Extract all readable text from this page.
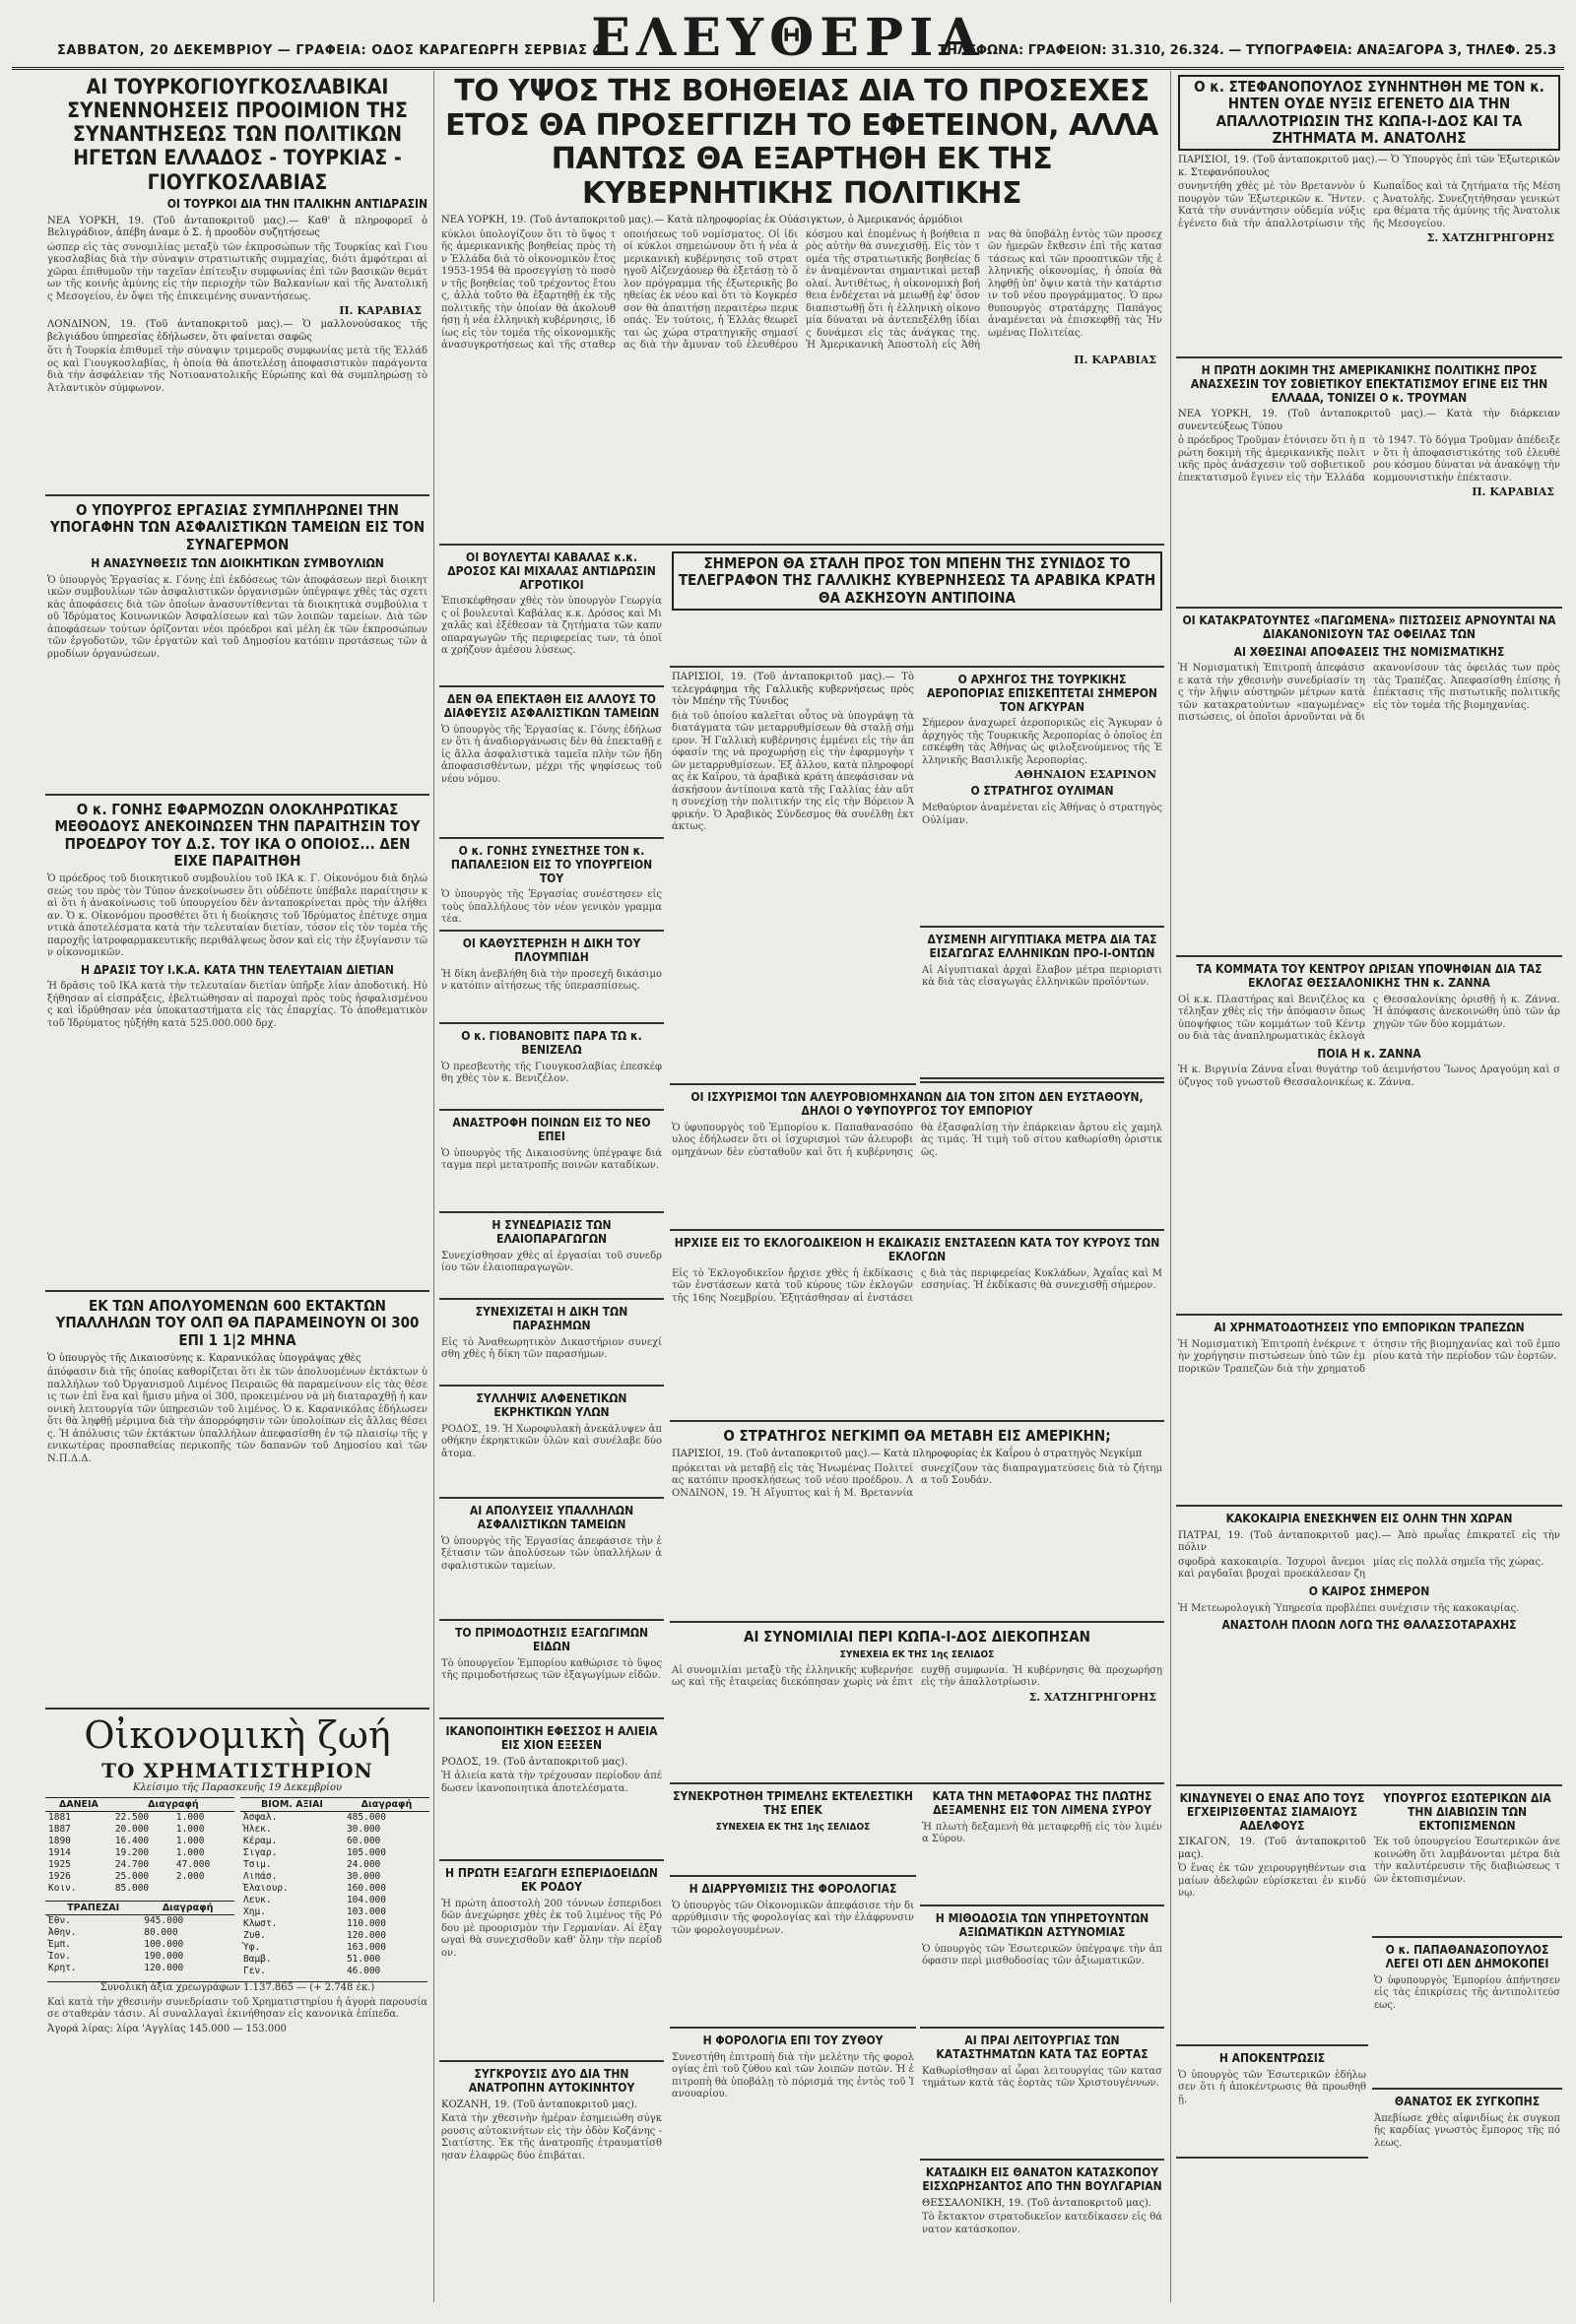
ΣΑΒΒΑΤΟΝ, 20 ΔΕΚΕΜΒΡΙΟΥ — ΓΡΑΦΕΙΑ: ΟΔΟΣ ΚΑΡΑΓΕΩΡΓΗ ΣΕΡΒΙΑΣ 4.
ΕΛΕΥΘΕΡΙΑ
ΤΗΛΕΦΩΝΑ: ΓΡΑΦΕΙΟΝ: 31.310, 26.324. — ΤΥΠΟΓΡΑΦΕΙΑ: ΑΝΑΞΑΓΟΡΑ 3, ΤΗΛΕΦ. 25.3
ΑΙ ΤΟΥΡΚΟΓΙΟΥΓΚΟΣΛΑΒΙΚΑΙ ΣΥΝΕΝΝΟΗΣΕΙΣ ΠΡΟΟΙΜΙΟΝ ΤΗΣ ΣΥΝΑΝΤΗΣΕΩΣ ΤΩΝ ΠΟΛΙΤΙΚΩΝ ΗΓΕΤΩΝ ΕΛΛΑΔΟΣ - ΤΟΥΡΚΙΑΣ - ΓΙΟΥΓΚΟΣΛΑΒΙΑΣ
ΟΙ ΤΟΥΡΚΟΙ ΔΙΑ ΤΗΝ ΙΤΑΛΙΚΗΝ ΑΝΤΙΔΡΑΣΙΝ
ΝΕΑ ΥΟΡΚΗ, 19. (Τοῦ ἀνταποκριτοῦ μας).— Καθ' ἅ πληροφορεῖ ὁ Βελιγράδιον, ἀπέβη ἀναμε ὁ Σ. ἡ προοδὸν συζητήσεως
ώσπερ εἰς τὰς συνομιλίας μεταξὺ τῶν ἐκπροσώπων τῆς Τουρκίας καὶ Γιουγκοσλαβίας διὰ τὴν σύναψιν στρατιωτικῆς συμμαχίας, διότι ἀμφότεραι αἱ χῶραι ἐπιθυμοῦν τὴν ταχεῖαν ἐπίτευξιν συμφωνίας ἐπὶ τῶν βασικῶν θεμάτων τῆς κοινῆς ἀμύνης εἰς τὴν περιοχὴν τῶν Βαλκανίων καὶ τῆς Ἀνατολικῆς Μεσογείου, ἐν ὄψει τῆς ἐπικειμένης συναντήσεως.
Π. ΚΑΡΑΒΙΑΣ
ΛΟΝΔΙΝΟΝ, 19. (Τοῦ ἀνταποκριτοῦ μας).— Ὁ μαλλονούσακος τῆς βελγιάδου ὑπηρεσίας ἐδήλωσεν, ὅτι φαίνεται σαφῶς
ὅτι ἡ Τουρκία ἐπιθυμεῖ τὴν σύναψιν τριμεροῦς συμφωνίας μετὰ τῆς Ἑλλάδος καὶ Γιουγκοσλαβίας, ἡ ὁποία θὰ ἀποτελέσῃ ἀποφασιστικὸν παράγοντα διὰ τὴν ἀσφάλειαν τῆς Νοτιοανατολικῆς Εὐρώπης καὶ θὰ συμπληρώσῃ τὸ Ἀτλαντικὸν σύμφωνον.
Ο ΥΠΟΥΡΓΟΣ ΕΡΓΑΣΙΑΣ ΣΥΜΠΛΗΡΩΝΕΙ ΤΗΝ ΥΠΟΓΑΦΗΝ ΤΩΝ ΑΣΦΑΛΙΣΤΙΚΩΝ ΤΑΜΕΙΩΝ ΕΙΣ ΤΟΝ ΣΥΝΑΓΕΡΜΟΝ
Η ΑΝΑΣΥΝΘΕΣΙΣ ΤΩΝ ΔΙΟΙΚΗΤΙΚΩΝ ΣΥΜΒΟΥΛΙΩΝ
Ὁ ὑπουργὸς Ἐργασίας κ. Γόνης ἐπὶ ἐκδόσεως τῶν ἀποφάσεων περὶ διοικητικῶν συμβουλίων τῶν ἀσφαλιστικῶν ὀργανισμῶν ὑπέγραψε χθὲς τὰς σχετικὰς ἀποφάσεις διὰ τῶν ὁποίων ἀνασυντίθενται τὰ διοικητικὰ συμβούλια τοῦ Ἱδρύματος Κοινωνικῶν Ἀσφαλίσεων καὶ τῶν λοιπῶν ταμείων. Διὰ τῶν ἀποφάσεων τούτων ὁρίζονται νέοι πρόεδροι καὶ μέλη ἐκ τῶν ἐκπροσώπων τῶν ἐργοδοτῶν, τῶν ἐργατῶν καὶ τοῦ Δημοσίου κατόπιν προτάσεως τῶν ἀρμοδίων ὀργανώσεων.
Ο κ. ΓΟΝΗΣ ΕΦΑΡΜΟΖΩΝ ΟΛΟΚΛΗΡΩΤΙΚΑΣ ΜΕΘΟΔΟΥΣ ΑΝΕΚΟΙΝΩΣΕΝ ΤΗΝ ΠΑΡΑΙΤΗΣΙΝ ΤΟΥ ΠΡΟΕΔΡΟΥ ΤΟΥ Δ.Σ. ΤΟΥ ΙΚΑ Ο ΟΠΟΙΟΣ... ΔΕΝ ΕΙΧΕ ΠΑΡΑΙΤΗΘΗ
Ὁ πρόεδρος τοῦ διοικητικοῦ συμβουλίου τοῦ ΙΚΑ κ. Γ. Οἰκονόμου διὰ δηλώσεώς του πρὸς τὸν Τύπον ἀνεκοίνωσεν ὅτι οὐδέποτε ὑπέβαλε παραίτησιν καὶ ὅτι ἡ ἀνακοίνωσις τοῦ ὑπουργείου δὲν ἀνταποκρίνεται πρὸς τὴν ἀλήθειαν. Ὁ κ. Οἰκονόμου προσθέτει ὅτι ἡ διοίκησις τοῦ Ἱδρύματος ἐπέτυχε σημαντικὰ ἀποτελέσματα κατὰ τὴν τελευταίαν διετίαν, τόσον εἰς τὸν τομέα τῆς παροχῆς ἰατροφαρμακευτικῆς περιθάλψεως ὅσον καὶ εἰς τὴν ἐξυγίανσιν τῶν οἰκονομικῶν.
Η ΔΡΑΣΙΣ ΤΟΥ Ι.Κ.Α. ΚΑΤΑ ΤΗΝ ΤΕΛΕΥΤΑΙΑΝ ΔΙΕΤΙΑΝ
Ἡ δρᾶσις τοῦ ΙΚΑ κατὰ τὴν τελευταίαν διετίαν ὑπῆρξε λίαν ἀποδοτική. Ηὐξήθησαν αἱ εἰσπράξεις, ἐβελτιώθησαν αἱ παροχαὶ πρὸς τοὺς ἠσφαλισμένους καὶ ἱδρύθησαν νέα ὑποκαταστήματα εἰς τὰς ἐπαρχίας. Τὸ ἀποθεματικὸν τοῦ Ἱδρύματος ηὐξήθη κατὰ 525.000.000 δρχ.
ΕΚ ΤΩΝ ΑΠΟΛΥΟΜΕΝΩΝ 600 ΕΚΤΑΚΤΩΝ ΥΠΑΛΛΗΛΩΝ ΤΟΥ ΟΛΠ ΘΑ ΠΑΡΑΜΕΙΝΟΥΝ ΟΙ 300 ΕΠΙ 1 1|2 ΜΗΝΑ
Ὁ ὑπουργὸς τῆς Δικαιοσύνης κ. Καρανικόλας ὑπογράψας χθὲς
ἀπόφασιν διὰ τῆς ὁποίας καθορίζεται ὅτι ἐκ τῶν ἀπολυομένων ἐκτάκτων ὑπαλλήλων τοῦ Ὀργανισμοῦ Λιμένος Πειραιῶς θὰ παραμείνουν εἰς τὰς θέσεις των ἐπὶ ἕνα καὶ ἥμισυ μῆνα οἱ 300, προκειμένου νὰ μὴ διαταραχθῇ ἡ κανονικὴ λειτουργία τῶν ὑπηρεσιῶν τοῦ λιμένος. Ὁ κ. Καρανικόλας ἐδήλωσεν ὅτι θὰ ληφθῇ μέριμνα διὰ τὴν ἀπορρόφησιν τῶν ὑπολοίπων εἰς ἄλλας θέσεις. Ἡ ἀπόλυσις τῶν ἐκτάκτων ὑπαλλήλων ἀπεφασίσθη ἐν τῷ πλαισίῳ τῆς γενικωτέρας προσπαθείας περικοπῆς τῶν δαπανῶν τοῦ Δημοσίου καὶ τῶν Ν.Π.Δ.Δ.
Οἰκονομικὴ ζωή
ΤΟ ΧΡΗΜΑΤΙΣΤΗΡΙΟΝ
Κλείσιμο τῆς Παρασκευῆς 19 Δεκεμβρίου
ΔΑΝΕΙΑ	Διαγραφή	
1881	22.500	1.000
1887	20.000	1.000
1890	16.400	1.000
1914	19.200	1.000
1925	24.700	47.000
1926	25.000	2.000
Κοιν.	85.000	
ΤΡΑΠΕΖΑΙ	Διαγραφή
Ἐθν.	945.000
Ἀθην.	80.000
Ἐμπ.	100.000
Ἰον.	190.000
Κρητ.	120.000
ΒΙΟΜ. ΑΞΙΑΙ	Διαγραφή
Ἀσφαλ.	485.000
Ἠλεκ.	30.000
Κέραμ.	60.000
Σιγαρ.	105.000
Τσιμ.	24.000
Λιπάσ.	30.000
Ἐλαιουρ.	160.000
Λευκ.	104.000
Χημ.	103.000
Κλωστ.	110.000
Ζυθ.	120.000
Ὑφ.	163.000
Βαμβ.	51.000
Γεν.	46.000
Συνολικὴ ἀξία χρεωγράφων 1.137.865 — (+ 2.748 ἐκ.)
Καὶ κατὰ τὴν χθεσινὴν συνεδρίασιν τοῦ Χρηματιστηρίου ἡ ἀγορὰ παρουσίασε σταθερὰν τάσιν. Αἱ συναλλαγαὶ ἐκινήθησαν εἰς κανονικὰ ἐπίπεδα.
Ἀγορά λίρας: λίρα 'Αγγλίας 145.000 — 153.000
ΤΟ ΥΨΟΣ ΤΗΣ ΒΟΗΘΕΙΑΣ ΔΙΑ ΤΟ ΠΡΟΣΕΧΕΣ ΕΤΟΣ ΘΑ ΠΡΟΣΕΓΓΙΖΗ ΤΟ ΕΦΕΤΕΙΝΟΝ, ΑΛΛΑ ΠΑΝΤΩΣ ΘΑ ΕΞΑΡΤΗΘΗ ΕΚ ΤΗΣ ΚΥΒΕΡΝΗΤΙΚΗΣ ΠΟΛΙΤΙΚΗΣ
ΝΕΑ ΥΟΡΚΗ, 19. (Τοῦ ἀνταποκριτοῦ μας).— Κατὰ πληροφορίας ἐκ Οὐάσιγκτων, ὁ Ἀμερικανός ἀρμόδιοι
κύκλοι ὑπολογίζουν ὅτι τὸ ὕψος τῆς ἀμερικανικῆς βοηθείας πρὸς τὴν Ἑλλάδα διὰ τὸ οἰκονομικὸν ἔτος 1953-1954 θὰ προσεγγίσῃ τὸ ποσὸν τῆς βοηθείας τοῦ τρέχοντος ἔτους, ἀλλὰ τοῦτο θὰ ἐξαρτηθῇ ἐκ τῆς πολιτικῆς τὴν ὁποίαν θὰ ἀκολουθήσῃ ἡ νέα ἑλληνικὴ κυβέρνησις, ἰδίως εἰς τὸν τομέα τῆς οἰκονομικῆς ἀνασυγκροτήσεως καὶ τῆς σταθεροποιήσεως τοῦ νομίσματος. Οἱ ἰδιοί κύκλοι σημειώνουν ὅτι ἡ νέα ἀμερικανικὴ κυβέρνησις τοῦ στρατηγοῦ Αἰζενχάουερ θὰ ἐξετάσῃ τὸ ὅλον πρόγραμμα τῆς ἐξωτερικῆς βοηθείας ἐκ νέου καὶ ὅτι τὸ Κογκρέσσον θὰ ἀπαιτήσῃ περαιτέρω περικοπάς. Ἐν τούτοις, ἡ Ἑλλὰς θεωρεῖται ὡς χώρα στρατηγικῆς σημασίας διὰ τὴν ἄμυναν τοῦ ἐλευθέρου κόσμου καὶ ἑπομένως ἡ βοήθεια πρὸς αὐτὴν θὰ συνεχισθῇ. Εἰς τὸν τομέα τῆς στρατιωτικῆς βοηθείας δὲν ἀναμένονται σημαντικαὶ μεταβολαί. Ἀντιθέτως, ἡ οἰκονομικὴ βοήθεια ἐνδέχεται νὰ μειωθῇ ἐφ' ὅσον διαπιστωθῇ ὅτι ἡ ἑλληνικὴ οἰκονομία δύναται νὰ ἀντεπεξέλθῃ ἰδίαις δυνάμεσι εἰς τὰς ἀνάγκας της. Ἡ Ἀμερικανικὴ Ἀποστολὴ εἰς Ἀθήνας θὰ ὑποβάλῃ ἐντὸς τῶν προσεχῶν ἡμερῶν ἔκθεσιν ἐπὶ τῆς καταστάσεως καὶ τῶν προοπτικῶν τῆς ἑλληνικῆς οἰκονομίας, ἡ ὁποία θὰ ληφθῇ ὑπ' ὄψιν κατὰ τὴν κατάρτισιν τοῦ νέου προγράμματος. Ὁ πρωθυπουργὸς στρατάρχης Παπάγος ἀναμένεται νὰ ἐπισκεφθῇ τὰς Ἡνωμένας Πολιτείας.
Π. ΚΑΡΑΒΙΑΣ
ΟΙ ΒΟΥΛΕΥΤΑΙ ΚΑΒΑΛΑΣ κ.κ. ΔΡΟΣΟΣ ΚΑΙ ΜΙΧΑΛΑΣ ΑΝΤΙΔΡΩΣΙΝ ΑΓΡΟΤΙΚΟΙ
Ἐπισκέφθησαν χθὲς τὸν ὑπουργὸν Γεωργίας οἱ βουλευταὶ Καβάλας κ.κ. Δρόσος καὶ Μιχαλᾶς καὶ ἐξέθεσαν τὰ ζητήματα τῶν καπνοπαραγωγῶν τῆς περιφερείας των, τὰ ὁποῖα χρήζουν ἀμέσου λύσεως.
ΔΕΝ ΘΑ ΕΠΕΚΤΑΘΗ ΕΙΣ ΑΛΛΟΥΣ ΤΟ ΔΙΑΦΕΥΣΙΣ ΑΣΦΑΛΙΣΤΙΚΩΝ ΤΑΜΕΙΩΝ
Ὁ ὑπουργὸς τῆς Ἐργασίας κ. Γόνης ἐδήλωσεν ὅτι ἡ ἀναδιοργάνωσις δὲν θὰ ἐπεκταθῇ εἰς ἄλλα ἀσφαλιστικὰ ταμεῖα πλὴν τῶν ἤδη ἀποφασισθέντων, μέχρι τῆς ψηφίσεως τοῦ νέου νόμου.
Ο κ. ΓΟΝΗΣ ΣΥΝΕΣΤΗΣΕ ΤΟΝ κ. ΠΑΠΑΛΕΞΙΟΝ ΕΙΣ ΤΟ ΥΠΟΥΡΓΕΙΟΝ ΤΟΥ
Ὁ ὑπουργὸς τῆς Ἐργασίας συνέστησεν εἰς τοὺς ὑπαλλήλους τὸν νέον γενικὸν γραμματέα.
ΟΙ ΚΑΘΥΣΤΕΡΗΣΗ Η ΔΙΚΗ ΤΟΥ ΠΛΟΥΜΠΙΔΗ
Ἡ δίκη ἀνεβλήθη διὰ τὴν προσεχῆ δικάσιμον κατόπιν αἰτήσεως τῆς ὑπερασπίσεως.
Ο κ. ΓΙΟΒΑΝΟΒΙΤΣ ΠΑΡΑ ΤΩ κ. ΒΕΝΙΖΕΛΩ
Ὁ πρεσβευτὴς τῆς Γιουγκοσλαβίας ἐπεσκέφθη χθὲς τὸν κ. Βενιζέλον.
ΑΝΑΣΤΡΟΦΗ ΠΟΙΝΩΝ ΕΙΣ ΤΟ ΝΕΟ ΕΠΕΙ
Ὁ ὑπουργὸς τῆς Δικαιοσύνης ὑπέγραψε διάταγμα περὶ μετατροπῆς ποινῶν καταδίκων.
Η ΣΥΝΕΔΡΙΑΣΙΣ ΤΩΝ ΕΛΑΙΟΠΑΡΑΓΩΓΩΝ
Συνεχίσθησαν χθὲς αἱ ἐργασίαι τοῦ συνεδρίου τῶν ἐλαιοπαραγωγῶν.
ΣΥΝΕΧΙΖΕΤΑΙ Η ΔΙΚΗ ΤΩΝ ΠΑΡΑΣΗΜΩΝ
Εἰς τὸ Ἀναθεωρητικὸν Δικαστήριον συνεχίσθη χθὲς ἡ δίκη τῶν παρασήμων.
ΣΥΛΛΗΨΙΣ ΑΛΦΕΝΕΤΙΚΩΝ ΕΚΡΗΚΤΙΚΩΝ ΥΛΩΝ
ΡΟΔΟΣ, 19. Ἡ Χωροφυλακὴ ἀνεκάλυψεν ἀποθήκην ἐκρηκτικῶν ὑλῶν καὶ συνέλαβε δύο ἄτομα.
ΑΙ ΑΠΟΛΥΣΕΙΣ ΥΠΑΛΛΗΛΩΝ ΑΣΦΑΛΙΣΤΙΚΩΝ ΤΑΜΕΙΩΝ
Ὁ ὑπουργὸς τῆς Ἐργασίας ἀπεφάσισε τὴν ἐξέτασιν τῶν ἀπολύσεων τῶν ὑπαλλήλων ἀσφαλιστικῶν ταμείων.
ΤΟ ΠΡΙΜΟΔΟΤΗΣΙΣ ΕΞΑΓΩΓΙΜΩΝ ΕΙΔΩΝ
Τὸ ὑπουργεῖον Ἐμπορίου καθώρισε τὸ ὕψος τῆς πριμοδοτήσεως τῶν ἐξαγωγίμων εἰδῶν.
ΙΚΑΝΟΠΟΙΗΤΙΚΗ ΕΦΕΣΣΟΣ Η ΑΛΙΕΙΑ ΕΙΣ ΧΙΟΝ ΕΞΕΣΕΝ
ΡΟΔΟΣ, 19. (Τοῦ ἀνταποκριτοῦ μας).
Ἡ ἁλιεία κατὰ τὴν τρέχουσαν περίοδον ἀπέδωσεν ἱκανοποιητικὰ ἀποτελέσματα.
Η ΠΡΩΤΗ ΕΞΑΓΩΓΗ ΕΣΠΕΡΙΔΟΕΙΔΩΝ ΕΚ ΡΟΔΟΥ
Ἡ πρώτη ἀποστολὴ 200 τόννων ἐσπεριδοειδῶν ἀνεχώρησε χθὲς ἐκ τοῦ λιμένος τῆς Ρόδου μὲ προορισμὸν τὴν Γερμανίαν. Αἱ ἐξαγωγαὶ θὰ συνεχισθοῦν καθ' ὅλην τὴν περίοδον.
ΣΥΓΚΡΟΥΣΙΣ ΔΥΟ ΔΙΑ ΤΗΝ ΑΝΑΤΡΟΠΗΝ ΑΥΤΟΚΙΝΗΤΟΥ
ΚΟΖΑΝΗ, 19. (Τοῦ ἀνταποκριτοῦ μας).
Κατὰ τὴν χθεσινὴν ἡμέραν ἐσημειώθη σύγκρουσις αὐτοκινήτων εἰς τὴν ὁδὸν Κοζάνης - Σιατίστης. Ἐκ τῆς ἀνατροπῆς ἐτραυματίσθησαν ἐλαφρῶς δύο ἐπιβάται.
ΣΗΜΕΡΟΝ ΘΑ ΣΤΑΛΗ ΠΡΟΣ ΤΟΝ ΜΠΕΗΝ ΤΗΣ ΣΥΝΙΔΟΣ ΤΟ ΤΕΛΕΓΡΑΦΟΝ ΤΗΣ ΓΑΛΛΙΚΗΣ ΚΥΒΕΡΝΗΣΕΩΣ ΤΑ ΑΡΑΒΙΚΑ ΚΡΑΤΗ ΘΑ ΑΣΚΗΣΟΥΝ ΑΝΤΙΠΟΙΝΑ
ΠΑΡΙΣΙΟΙ, 19. (Τοῦ ἀνταποκριτοῦ μας).— Τὸ τελεγράφημα τῆς Γαλλικῆς κυβερνήσεως πρὸς τὸν Μπέην τῆς Τύνιδος
διὰ τοῦ ὁποίου καλεῖται οὗτος νὰ ὑπογράψῃ τὰ διατάγματα τῶν μεταρρυθμίσεων θὰ σταλῇ σήμερον. Ἡ Γαλλικὴ κυβέρνησις ἐμμένει εἰς τὴν ἀπόφασίν της νὰ προχωρήσῃ εἰς τὴν ἐφαρμογὴν τῶν μεταρρυθμίσεων. Ἐξ ἄλλου, κατὰ πληροφορίας ἐκ Καΐρου, τὰ ἀραβικὰ κράτη ἀπεφάσισαν νὰ ἀσκήσουν ἀντίποινα κατὰ τῆς Γαλλίας ἐὰν αὕτη συνεχίσῃ τὴν πολιτικήν της εἰς τὴν Βόρειον Ἀφρικήν. Ὁ Ἀραβικὸς Σύνδεσμος θὰ συνέλθῃ ἐκτάκτως.
Ο ΑΡΧΗΓΟΣ ΤΗΣ ΤΟΥΡΚΙΚΗΣ ΑΕΡΟΠΟΡΙΑΣ ΕΠΙΣΚΕΠΤΕΤΑΙ ΣΗΜΕΡΟΝ ΤΟΝ ΑΓΚΥΡΑΝ
Σήμερον ἀναχωρεῖ ἀεροπορικῶς εἰς Ἄγκυραν ὁ ἀρχηγὸς τῆς Τουρκικῆς Ἀεροπορίας ὁ ὁποῖος ἐπεσκέφθη τὰς Ἀθήνας ὡς φιλοξενούμενος τῆς Ἑλληνικῆς Βασιλικῆς Ἀεροπορίας.
ΑΘΗΝΑΙΟΝ ΕΣΑΡΙΝΟΝ
Ο ΣΤΡΑΤΗΓΟΣ ΟΥΛΙΜΑΝ
Μεθαύριον ἀναμένεται εἰς Ἀθήνας ὁ στρατηγὸς Οὐλίμαν.
ΔΥΣΜΕΝΗ ΑΙΓΥΠΤΙΑΚΑ ΜΕΤΡΑ ΔΙΑ ΤΑΣ ΕΙΣΑΓΩΓΑΣ ΕΛΛΗΝΙΚΩΝ ΠΡΟ-Ι-ΟΝΤΩΝ
Αἱ Αἰγυπτιακαὶ ἀρχαὶ ἔλαβον μέτρα περιοριστικὰ διὰ τὰς εἰσαγωγὰς ἑλληνικῶν προϊόντων.
ΟΙ ΙΣΧΥΡΙΣΜΟΙ ΤΩΝ ΑΛΕΥΡΟΒΙΟΜΗΧΑΝΩΝ ΔΙΑ ΤΟΝ ΣΙΤΟΝ ΔΕΝ ΕΥΣΤΑΘΟΥΝ, ΔΗΛΟΙ Ο ΥΦΥΠΟΥΡΓΟΣ ΤΟΥ ΕΜΠΟΡΙΟΥ
Ὁ ὑφυπουργὸς τοῦ Ἐμπορίου κ. Παπαθανασόπουλος ἐδήλωσεν ὅτι οἱ ἰσχυρισμοὶ τῶν ἀλευροβιομηχάνων δὲν εὐσταθοῦν καὶ ὅτι ἡ κυβέρνησις θὰ ἐξασφαλίσῃ τὴν ἐπάρκειαν ἄρτου εἰς χαμηλὰς τιμάς. Ἡ τιμὴ τοῦ σίτου καθωρίσθη ὁριστικῶς.
ΗΡΧΙΣΕ ΕΙΣ ΤΟ ΕΚΛΟΓΟΔΙΚΕΙΟΝ Η ΕΚΔΙΚΑΣΙΣ ΕΝΣΤΑΣΕΩΝ ΚΑΤΑ ΤΟΥ ΚΥΡΟΥΣ ΤΩΝ ΕΚΛΟΓΩΝ
Εἰς τὸ Ἐκλογοδικεῖον ἤρχισε χθὲς ἡ ἐκδίκασις τῶν ἐνστάσεων κατὰ τοῦ κύρους τῶν ἐκλογῶν τῆς 16ης Νοεμβρίου. Ἐξητάσθησαν αἱ ἐνστάσεις διὰ τὰς περιφερείας Κυκλάδων, Ἀχαΐας καὶ Μεσσηνίας. Ἡ ἐκδίκασις θὰ συνεχισθῇ σήμερον.
Ο ΣΤΡΑΤΗΓΟΣ ΝΕΓΚΙΜΠ ΘΑ ΜΕΤΑΒΗ ΕΙΣ ΑΜΕΡΙΚΗΝ;
ΠΑΡΙΣΙΟΙ, 19. (Τοῦ ἀνταποκριτοῦ μας).— Κατὰ πληροφορίας ἐκ Καΐρου ὁ στρατηγὸς Νεγκίμπ
πρόκειται νὰ μεταβῇ εἰς τὰς Ἡνωμένας Πολιτείας κατόπιν προσκλήσεως τοῦ νέου προέδρου. ΛΟΝΔΙΝΟΝ, 19. Ἡ Αἴγυπτος καὶ ἡ Μ. Βρεταννία συνεχίζουν τὰς διαπραγματεύσεις διὰ τὸ ζήτημα τοῦ Σουδάν.
ΑΙ ΣΥΝΟΜΙΛΙΑΙ ΠΕΡΙ ΚΩΠΑ-Ι-ΔΟΣ ΔΙΕΚΟΠΗΣΑΝ
ΣΥΝΕΧΕΙΑ ΕΚ ΤΗΣ 1ης ΣΕΛΙΔΟΣ
Αἱ συνομιλίαι μεταξὺ τῆς ἑλληνικῆς κυβερνήσεως καὶ τῆς ἑταιρείας διεκόπησαν χωρὶς νὰ ἐπιτευχθῇ συμφωνία. Ἡ κυβέρνησις θὰ προχωρήσῃ εἰς τὴν ἀπαλλοτρίωσιν.
Σ. ΧΑΤΖΗΓΡΗΓΟΡΗΣ
ΣΥΝΕΚΡΟΤΗΘΗ ΤΡΙΜΕΛΗΣ ΕΚΤΕΛΕΣΤΙΚΗ ΤΗΣ ΕΠΕΚ
ΣΥΝΕΧΕΙΑ ΕΚ ΤΗΣ 1ης ΣΕΛΙΔΟΣ
Η ΔΙΑΡΡΥΘΜΙΣΙΣ ΤΗΣ ΦΟΡΟΛΟΓΙΑΣ
Ὁ ὑπουργὸς τῶν Οἰκονομικῶν ἀπεφάσισε τὴν διαρρύθμισιν τῆς φορολογίας καὶ τὴν ἐλάφρυνσιν τῶν φορολογουμένων.
Η ΦΟΡΟΛΟΓΙΑ ΕΠΙ ΤΟΥ ΖΥΘΟΥ
Συνεστήθη ἐπιτροπὴ διὰ τὴν μελέτην τῆς φορολογίας ἐπὶ τοῦ ζύθου καὶ τῶν λοιπῶν ποτῶν. Ἡ ἐπιτροπὴ θὰ ὑποβάλῃ τὸ πόρισμά της ἐντὸς τοῦ Ἰανουαρίου.
ΚΑΤΑ ΤΗΝ ΜΕΤΑΦΟΡΑΣ ΤΗΣ ΠΛΩΤΗΣ ΔΕΞΑΜΕΝΗΣ ΕΙΣ ΤΟΝ ΛΙΜΕΝΑ ΣΥΡΟΥ
Ἡ πλωτὴ δεξαμενὴ θὰ μεταφερθῇ εἰς τὸν λιμένα Σύρου.
Η ΜΙΘΟΔΟΣΙΑ ΤΩΝ ΥΠΗΡΕΤΟΥΝΤΩΝ ΑΞΙΩΜΑΤΙΚΩΝ ΑΣΤΥΝΟΜΙΑΣ
Ὁ ὑπουργὸς τῶν Ἐσωτερικῶν ὑπέγραψε τὴν ἀπόφασιν περὶ μισθοδοσίας τῶν ἀξιωματικῶν.
ΑΙ ΠΡΑΙ ΛΕΙΤΟΥΡΓΙΑΣ ΤΩΝ ΚΑΤΑΣΤΗΜΑΤΩΝ ΚΑΤΑ ΤΑΣ ΕΟΡΤΑΣ
Καθωρίσθησαν αἱ ὧραι λειτουργίας τῶν καταστημάτων κατὰ τὰς ἑορτὰς τῶν Χριστουγέννων.
ΚΑΤΑΔΙΚΗ ΕΙΣ ΘΑΝΑΤΟΝ ΚΑΤΑΣΚΟΠΟΥ ΕΙΣΧΩΡΗΣΑΝΤΟΣ ΑΠΟ ΤΗΝ ΒΟΥΛΓΑΡΙΑΝ
ΘΕΣΣΑΛΟΝΙΚΗ, 19. (Τοῦ ἀνταποκριτοῦ μας).
Τὸ ἔκτακτον στρατοδικεῖον κατεδίκασεν εἰς θάνατον κατάσκοπον.
Ο κ. ΣΤΕΦΑΝΟΠΟΥΛΟΣ ΣΥΝΗΝΤΗΘΗ ΜΕ ΤΟΝ κ. ΗΝΤΕΝ ΟΥΔΕ ΝΥΞΙΣ ΕΓΕΝΕΤΟ ΔΙΑ ΤΗΝ ΑΠΑΛΛΟΤΡΙΩΣΙΝ ΤΗΣ ΚΩΠΑ-Ι-ΔΟΣ ΚΑΙ ΤΑ ΖΗΤΗΜΑΤΑ Μ. ΑΝΑΤΟΛΗΣ
ΠΑΡΙΣΙΟΙ, 19. (Τοῦ ἀνταποκριτοῦ μας).— Ὁ Ὑπουργὸς ἐπὶ τῶν Ἐξωτερικῶν κ. Στεφανόπουλος
συνηντήθη χθὲς μὲ τὸν Βρεταννὸν ὑπουργὸν τῶν Ἐξωτερικῶν κ. Ἤντεν. Κατὰ τὴν συνάντησιν οὐδεμία νύξις ἐγένετο διὰ τὴν ἀπαλλοτρίωσιν τῆς Κωπαΐδος καὶ τὰ ζητήματα τῆς Μέσης Ἀνατολῆς. Συνεζητήθησαν γενικώτερα θέματα τῆς ἀμύνης τῆς Ἀνατολικῆς Μεσογείου.
Σ. ΧΑΤΖΗΓΡΗΓΟΡΗΣ
Η ΠΡΩΤΗ ΔΟΚΙΜΗ ΤΗΣ ΑΜΕΡΙΚΑΝΙΚΗΣ ΠΟΛΙΤΙΚΗΣ ΠΡΟΣ ΑΝΑΣΧΕΣΙΝ ΤΟΥ ΣΟΒΙΕΤΙΚΟΥ ΕΠΕΚΤΑΤΙΣΜΟΥ ΕΓΙΝΕ ΕΙΣ ΤΗΝ ΕΛΛΑΔΑ, ΤΟΝΙΖΕΙ Ο κ. ΤΡΟΥΜΑΝ
ΝΕΑ ΥΟΡΚΗ, 19. (Τοῦ ἀνταποκριτοῦ μας).— Κατὰ τὴν διάρκειαν συνεντεύξεως Τύπου
ὁ πρόεδρος Τροῦμαν ἐτόνισεν ὅτι ἡ πρώτη δοκιμὴ τῆς ἀμερικανικῆς πολιτικῆς πρὸς ἀνάσχεσιν τοῦ σοβιετικοῦ ἐπεκτατισμοῦ ἔγινεν εἰς τὴν Ἑλλάδα τὸ 1947. Τὸ δόγμα Τροῦμαν ἀπέδειξεν ὅτι ἡ ἀποφασιστικότης τοῦ ἐλευθέρου κόσμου δύναται νὰ ἀνακόψῃ τὴν κομμουνιστικὴν ἐπέκτασιν.
Π. ΚΑΡΑΒΙΑΣ
ΟΙ ΚΑΤΑΚΡΑΤΟΥΝΤΕΣ «ΠΑΓΩΜΕΝΑ» ΠΙΣΤΩΣΕΙΣ ΑΡΝΟΥΝΤΑΙ ΝΑ ΔΙΑΚΑΝΟΝΙΣΟΥΝ ΤΑΣ ΟΦΕΙΛΑΣ ΤΩΝ
ΑΙ ΧΘΕΣΙΝΑΙ ΑΠΟΦΑΣΕΙΣ ΤΗΣ ΝΟΜΙΣΜΑΤΙΚΗΣ
Ἡ Νομισματικὴ Ἐπιτροπὴ ἀπεφάσισε κατὰ τὴν χθεσινὴν συνεδρίασίν της τὴν λῆψιν αὐστηρῶν μέτρων κατὰ τῶν κατακρατούντων «παγωμένας» πιστώσεις, οἱ ὁποῖοι ἀρνοῦνται νὰ διακανονίσουν τὰς ὀφειλάς των πρὸς τὰς Τραπέζας. Ἀπεφασίσθη ἐπίσης ἡ ἐπέκτασις τῆς πιστωτικῆς πολιτικῆς εἰς τὸν τομέα τῆς βιομηχανίας.
ΤΑ ΚΟΜΜΑΤΑ ΤΟΥ ΚΕΝΤΡΟΥ ΩΡΙΣΑΝ ΥΠΟΨΗΦΙΑΝ ΔΙΑ ΤΑΣ ΕΚΛΟΓΑΣ ΘΕΣΣΑΛΟΝΙΚΗΣ ΤΗΝ κ. ΖΑΝΝΑ
Οἱ κ.κ. Πλαστήρας καὶ Βενιζέλος κατέληξαν χθὲς εἰς τὴν ἀπόφασιν ὅπως ὑποψήφιος τῶν κομμάτων τοῦ Κέντρου διὰ τὰς ἀναπληρωματικὰς ἐκλογὰς Θεσσαλονίκης ὁρισθῇ ἡ κ. Ζάννα. Ἡ ἀπόφασις ἀνεκοινώθη ὑπὸ τῶν ἀρχηγῶν τῶν δύο κομμάτων.
ΠΟΙΑ Η κ. ΖΑΝΝΑ
Ἡ κ. Βιργινία Ζάννα εἶναι θυγάτηρ τοῦ ἀειμνήστου Ἴωνος Δραγούμη καὶ σύζυγος τοῦ γνωστοῦ Θεσσαλονικέως κ. Ζάννα.
ΑΙ ΧΡΗΜΑΤΟΔΟΤΗΣΕΙΣ ΥΠΟ ΕΜΠΟΡΙΚΩΝ ΤΡΑΠΕΖΩΝ
Ἡ Νομισματικὴ Ἐπιτροπὴ ἐνέκρινε τὴν χορήγησιν πιστώσεων ὑπὸ τῶν ἐμπορικῶν Τραπεζῶν διὰ τὴν χρηματοδότησιν τῆς βιομηχανίας καὶ τοῦ ἐμπορίου κατὰ τὴν περίοδον τῶν ἑορτῶν.
ΚΑΚΟΚΑΙΡΙΑ ΕΝΕΣΚΗΨΕΝ ΕΙΣ ΟΛΗΝ ΤΗΝ ΧΩΡΑΝ
ΠΑΤΡΑΙ, 19. (Τοῦ ἀνταποκριτοῦ μας).— Ἀπὸ πρωΐας ἐπικρατεῖ εἰς τὴν πόλιν
σφοδρὰ κακοκαιρία. Ἰσχυροὶ ἄνεμοι καὶ ραγδαῖαι βροχαὶ προεκάλεσαν ζημίας εἰς πολλὰ σημεῖα τῆς χώρας.
Ο ΚΑΙΡΟΣ ΣΗΜΕΡΟΝ
Ἡ Μετεωρολογικὴ Ὑπηρεσία προβλέπει συνέχισιν τῆς κακοκαιρίας.
ΑΝΑΣΤΟΛΗ ΠΛΟΩΝ ΛΟΓΩ ΤΗΣ ΘΑΛΑΣΣΟΤΑΡΑΧΗΣ
ΚΙΝΔΥΝΕΥΕΙ Ο ΕΝΑΣ ΑΠΟ ΤΟΥΣ ΕΓΧΕΙΡΙΣΘΕΝΤΑΣ ΣΙΑΜΑΙΟΥΣ ΑΔΕΛΦΟΥΣ
ΣΙΚΑΓΟΝ, 19. (Τοῦ ἀνταποκριτοῦ μας).
Ὁ ἕνας ἐκ τῶν χειρουργηθέντων σιαμαίων ἀδελφῶν εὑρίσκεται ἐν κινδύνῳ.
ΥΠΟΥΡΓΟΣ ΕΣΩΤΕΡΙΚΩΝ ΔΙΑ ΤΗΝ ΔΙΑΒΙΩΣΙΝ ΤΩΝ ΕΚΤΟΠΙΣΜΕΝΩΝ
Ἐκ τοῦ ὑπουργείου Ἐσωτερικῶν ἀνεκοινώθη ὅτι λαμβάνονται μέτρα διὰ τὴν καλυτέρευσιν τῆς διαβιώσεως τῶν ἐκτοπισμένων.
Ο κ. ΠΑΠΑΘΑΝΑΣΟΠΟΥΛΟΣ ΛΕΓΕΙ ΟΤΙ ΔΕΝ ΔΗΜΟΚΟΠΕΙ
Ὁ ὑφυπουργὸς Ἐμπορίου ἀπήντησεν εἰς τὰς ἐπικρίσεις τῆς ἀντιπολιτεύσεως.
Η ΑΠΟΚΕΝΤΡΩΣΙΣ
Ὁ ὑπουργὸς τῶν Ἐσωτερικῶν ἐδήλωσεν ὅτι ἡ ἀποκέντρωσις θὰ προωθηθῇ.	ΘΑΝΑΤΟΣ ΕΚ ΣΥΓΚΟΠΗΣ
Ἀπεβίωσε χθὲς αἰφνιδίως ἐκ συγκοπῆς καρδίας γνωστὸς ἔμπορος τῆς πόλεως.
